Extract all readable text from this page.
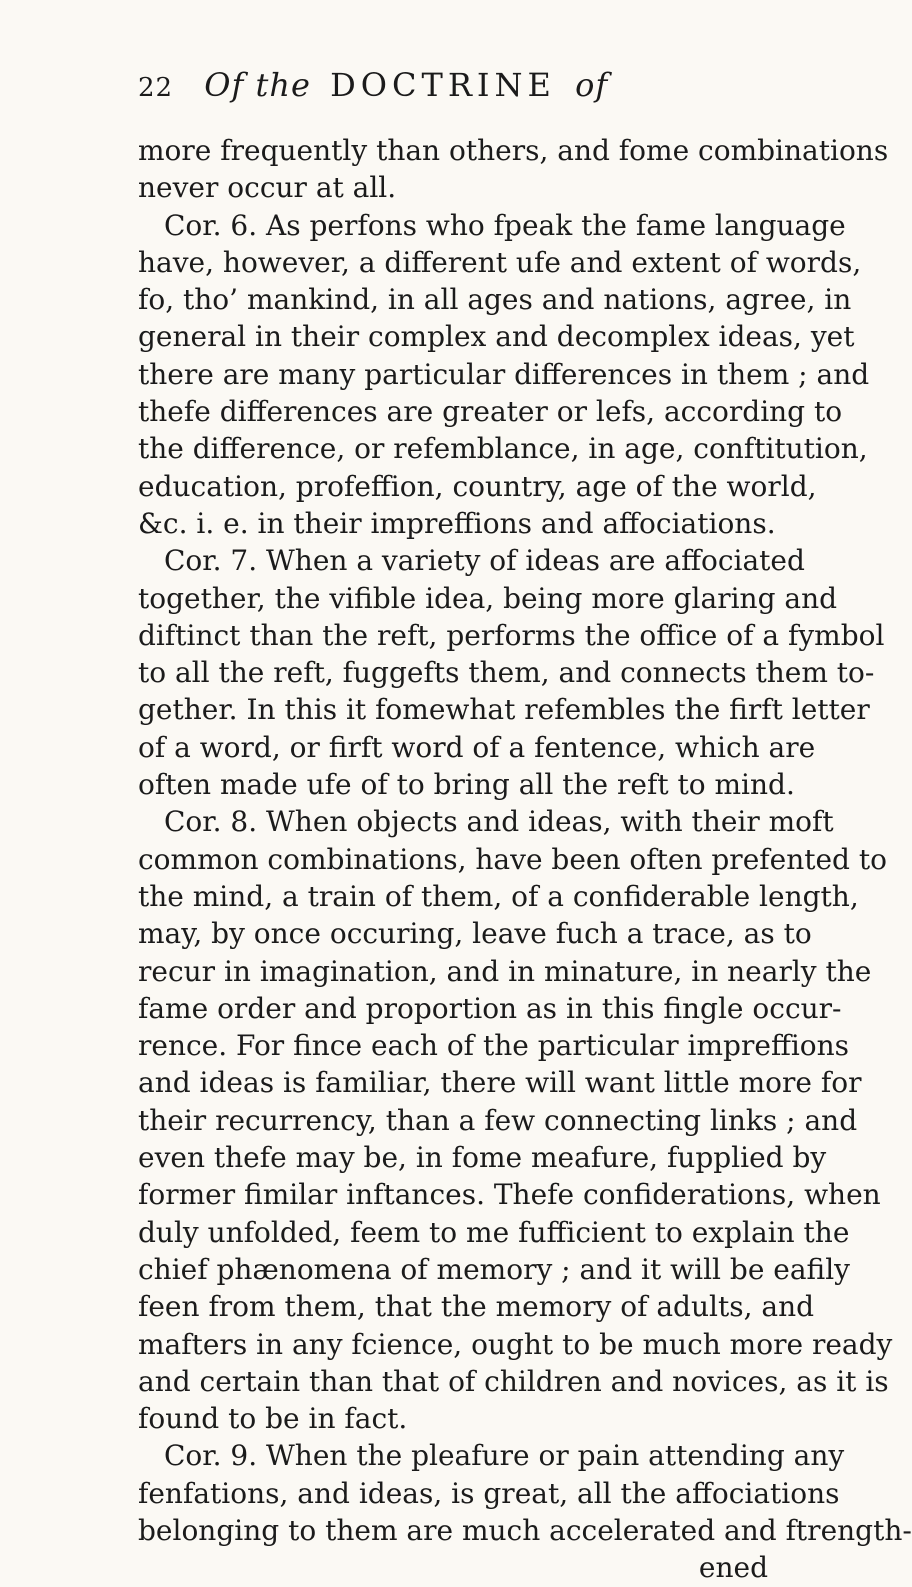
22 Of the DOCTRINE of
more frequently than others, and fome combinations
never occur at all.
Cor. 6. As perfons who fpeak the fame language
have, however, a different ufe and extent of words,
fo, tho’ mankind, in all ages and nations, agree, in
general in their complex and decomplex ideas, yet
there are many particular differences in them ; and
thefe differences are greater or lefs, according to
the difference, or refemblance, in age, conftitution,
education, profeffion, country, age of the world,
&c. i. e. in their impreffions and affociations.
Cor. 7. When a variety of ideas are affociated
together, the vifible idea, being more glaring and
diftinct than the reft, performs the office of a fymbol
to all the reft, fuggefts them, and connects them to-
gether. In this it fomewhat refembles the firft letter
of a word, or firft word of a fentence, which are
often made ufe of to bring all the reft to mind.
Cor. 8. When objects and ideas, with their moft
common combinations, have been often prefented to
the mind, a train of them, of a confiderable length,
may, by once occuring, leave fuch a trace, as to
recur in imagination, and in minature, in nearly the
fame order and proportion as in this fingle occur-
rence. For fince each of the particular impreffions
and ideas is familiar, there will want little more for
their recurrency, than a few connecting links ; and
even thefe may be, in fome meafure, fupplied by
former fimilar inftances. Thefe confiderations, when
duly unfolded, feem to me fufficient to explain the
chief phænomena of memory ; and it will be eafily
feen from them, that the memory of adults, and
mafters in any fcience, ought to be much more ready
and certain than that of children and novices, as it is
found to be in fact.
Cor. 9. When the pleafure or pain attending any
fenfations, and ideas, is great, all the affociations
belonging to them are much accelerated and ftrength-
ened
